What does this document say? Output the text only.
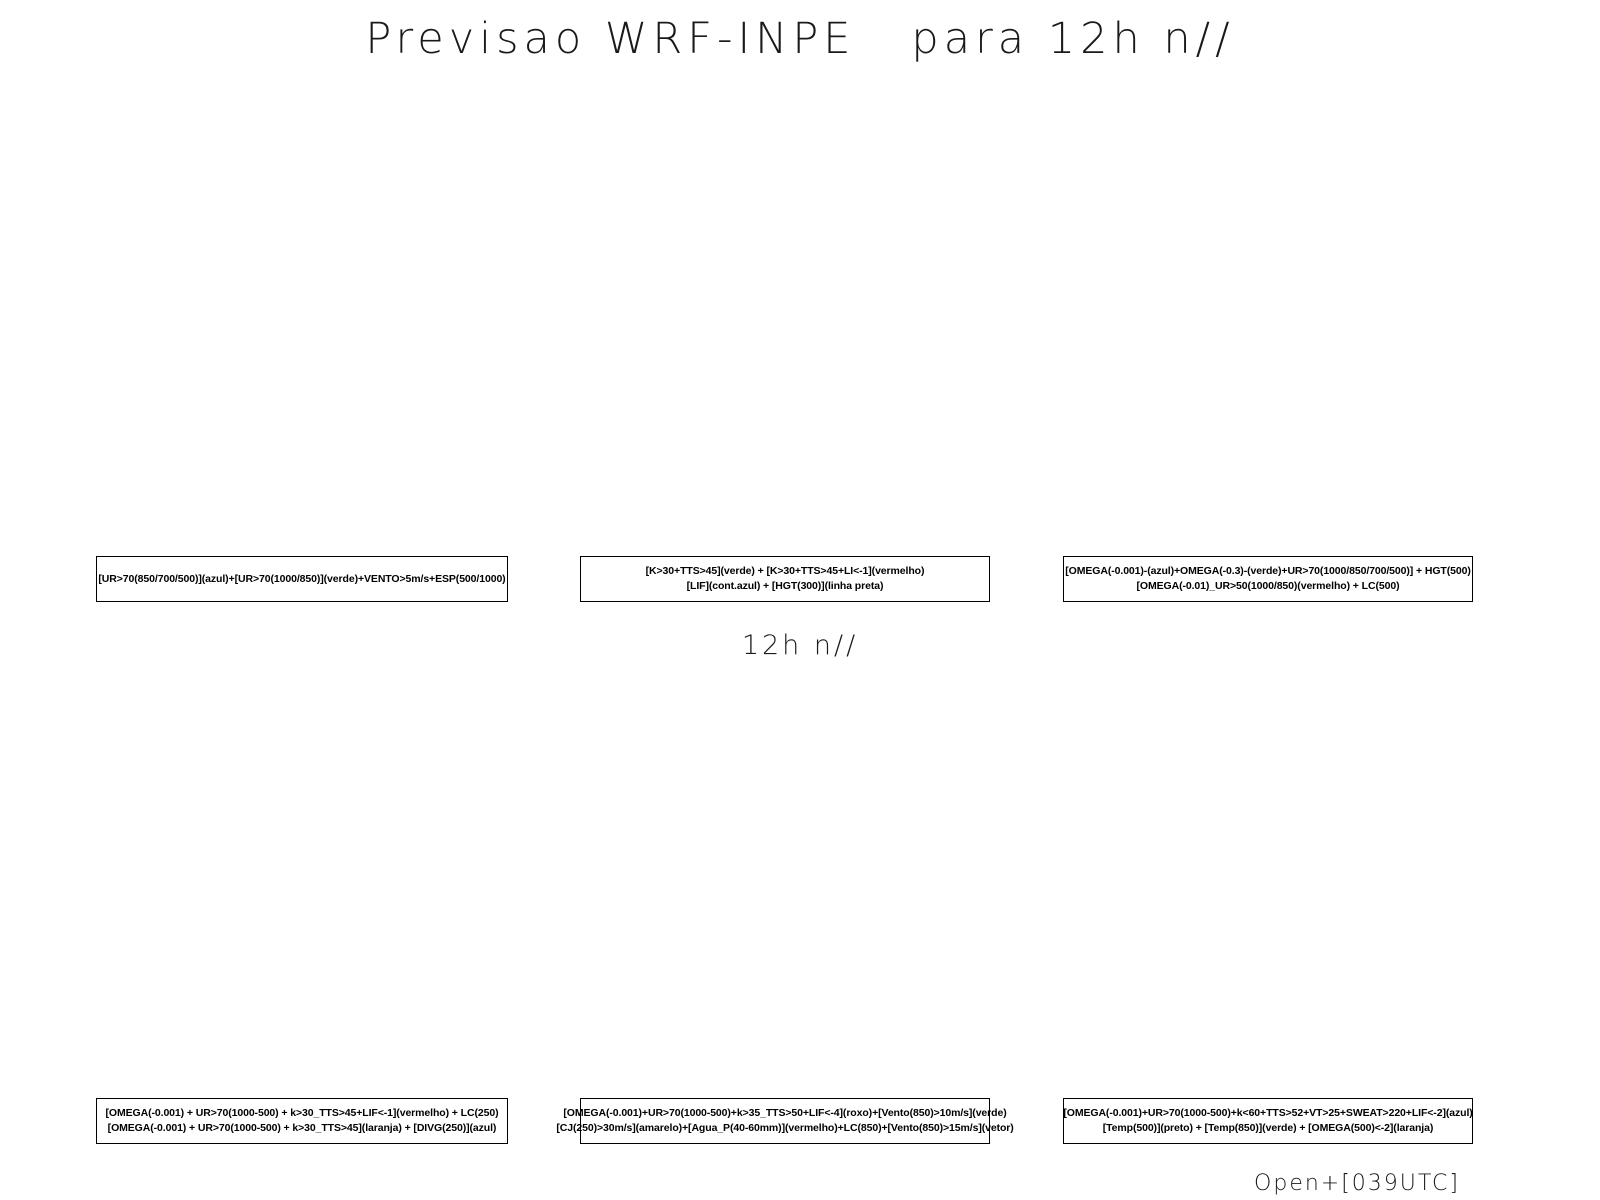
Previsao WRF-INPE   para 12h n//
[UR>70(850/700/500)](azul)+[UR>70(1000/850)](verde)+VENTO>5m/s+ESP(500/1000)
[K>30+TTS>45](verde) + [K>30+TTS>45+LI<-1](vermelho)
[LIF](cont.azul) + [HGT(300)](linha preta)
[OMEGA(-0.001)-(azul)+OMEGA(-0.3)-(verde)+UR>70(1000/850/700/500)] + HGT(500)
[OMEGA(-0.01)_UR>50(1000/850)(vermelho) + LC(500)
12h n//
[OMEGA(-0.001) + UR>70(1000-500) + k>30_TTS>45+LIF<-1](vermelho) + LC(250)
[OMEGA(-0.001) + UR>70(1000-500) + k>30_TTS>45](laranja) + [DIVG(250)](azul)
[OMEGA(-0.001)+UR>70(1000-500)+k>35_TTS>50+LIF<-4](roxo)+[Vento(850)>10m/s](verde)
[CJ(250)>30m/s](amarelo)+[Agua_P(40-60mm)](vermelho)+LC(850)+[Vento(850)>15m/s](vetor)
[OMEGA(-0.001)+UR>70(1000-500)+k<60+TTS>52+VT>25+SWEAT>220+LIF<-2](azul)
[Temp(500)](preto) + [Temp(850)](verde) + [OMEGA(500)<-2](laranja)
Open+[039UTC]
